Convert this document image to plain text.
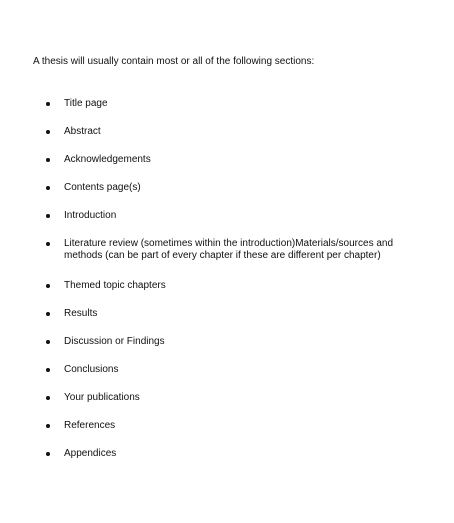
A thesis will usually contain most or all of the following sections:
Title page
Abstract
Acknowledgements
Contents page(s)
Introduction
Literature review (sometimes within the introduction)Materials/sources and
methods (can be part of every chapter if these are different per chapter)
Themed topic chapters
Results
Discussion or Findings
Conclusions
Your publications
References
Appendices
